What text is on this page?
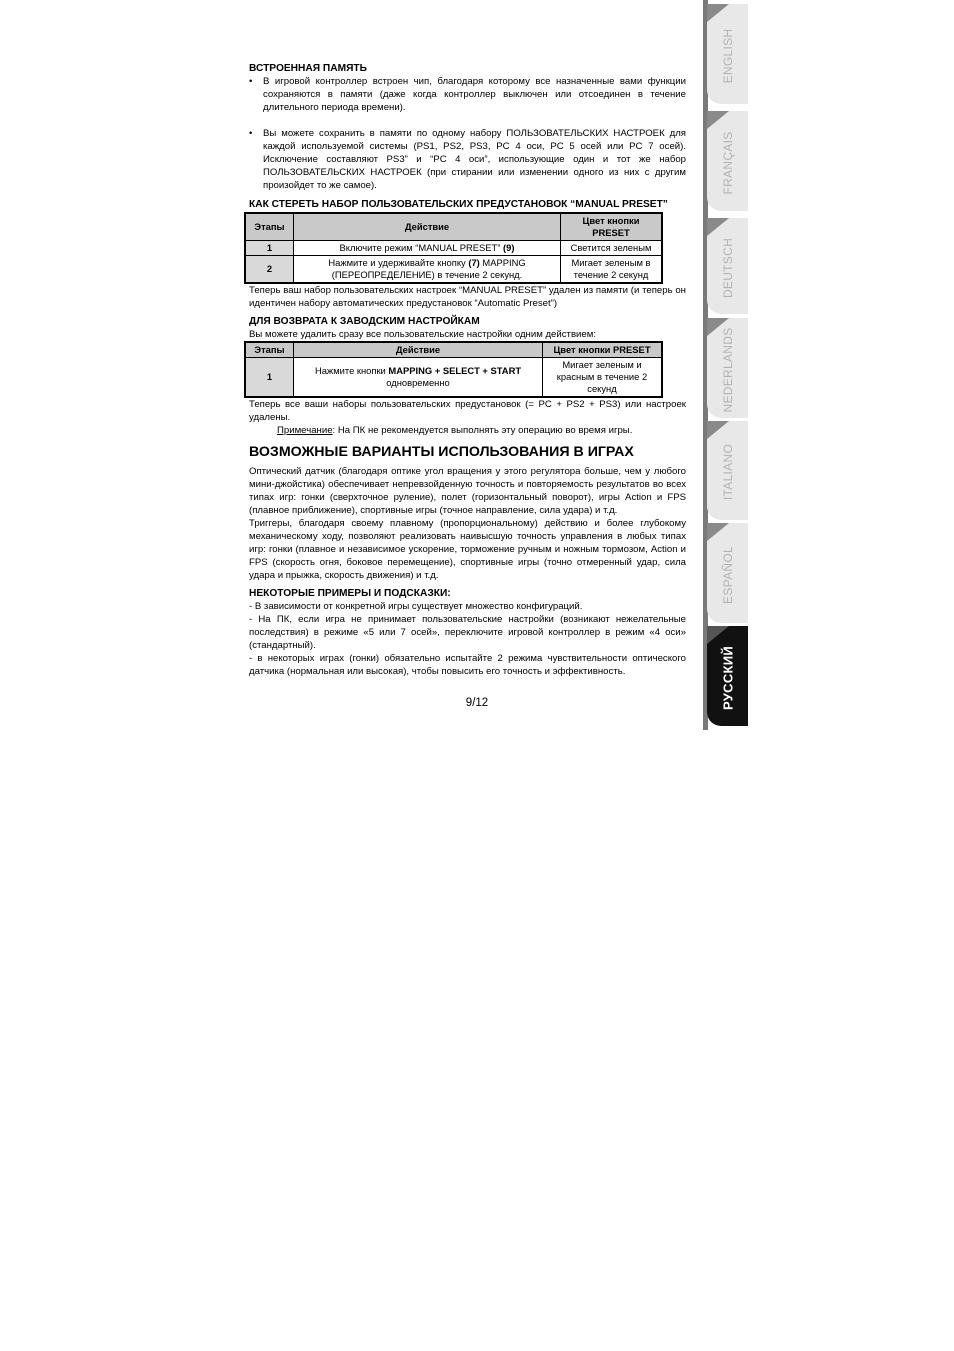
ВСТРОЕННАЯ ПАМЯТЬ

• В игровой контроллер встроен чип, благодаря которому все назначенные вами функции сохраняются в памяти (даже когда контроллер выключен или отсоединен в течение длительного периода времени).

• Вы можете сохранить в памяти по одному набору ПОЛЬЗОВАТЕЛЬСКИХ НАСТРОЕК для каждой используемой системы (PS1, PS2, PS3, PC 4 оси, PC 5 осей или PC 7 осей). Исключение составляют PS3” и “PC 4 оси”, использующие один и тот же набор ПОЛЬЗОВАТЕЛЬСКИХ НАСТРОЕК (при стирании или изменении одного из них с другим произойдет то же самое).

КАК СТЕРЕТЬ НАБОР ПОЛЬЗОВАТЕЛЬСКИХ ПРЕДУСТАНОВОК “MANUAL PRESET”

Этапы	Действие	Цвет кнопки PRESET
1	Включите режим “MANUAL PRESET” (9)	Светится зеленым
2	Нажмите и удерживайте кнопку (7) MAPPING (ПЕРЕОПРЕДЕЛЕНИЕ) в течение 2 секунд.	Мигает зеленым в течение 2 секунд

Теперь ваш набор пользовательских настроек “MANUAL PRESET” удален из памяти (и теперь он идентичен набору автоматических предустановок “Automatic Preset”)

ДЛЯ ВОЗВРАТА К ЗАВОДСКИМ НАСТРОЙКАМ

Вы можете удалить сразу все пользовательские настройки одним действием:

Этапы	Действие	Цвет кнопки PRESET
1	Нажмите кнопки MAPPING + SELECT + START одновременно	Мигает зеленым и красным в течение 2 секунд

Теперь все ваши наборы пользовательских предустановок (= PC + PS2 + PS3) или настроек удалены.

Примечание: На ПК не рекомендуется выполнять эту операцию во время игры.

ВОЗМОЖНЫЕ ВАРИАНТЫ ИСПОЛЬЗОВАНИЯ В ИГРАХ

Оптический датчик (благодаря оптике угол вращения у этого регулятора больше, чем у любого мини-джойстика) обеспечивает непревзойденную точность и повторяемость результатов во всех типах игр: гонки (сверхточное руление), полет (горизонтальный поворот), игры Action и FPS (плавное приближение), спортивные игры (точное направление, сила удара) и т.д.

Триггеры, благодаря своему плавному (пропорциональному) действию и более глубокому механическому ходу, позволяют реализовать наивысшую точность управления в любых типах игр: гонки (плавное и независимое ускорение, торможение ручным и ножным тормозом, Action и FPS (скорость огня, боковое перемещение), спортивные игры (точно отмеренный удар, сила удара и прыжка, скорость движения) и т.д.

НЕКОТОРЫЕ ПРИМЕРЫ И ПОДСКАЗКИ:

- В зависимости от конкретной игры существует множество конфигураций.

- На ПК, если игра не принимает пользовательские настройки (возникают нежелательные последствия) в режиме «5 или 7 осей», переключите игровой контроллер в режим «4 оси» (стандартный).

- в некоторых играх (гонки) обязательно испытайте 2 режима чувствительности оптического датчика (нормальная или высокая), чтобы повысить его точность и эффективность.

9/12
ENGLISH
FRANÇAIS
DEUTSCH
NEDERLANDS
ITALIANO
ESPAÑOL
РУССКИЙ
